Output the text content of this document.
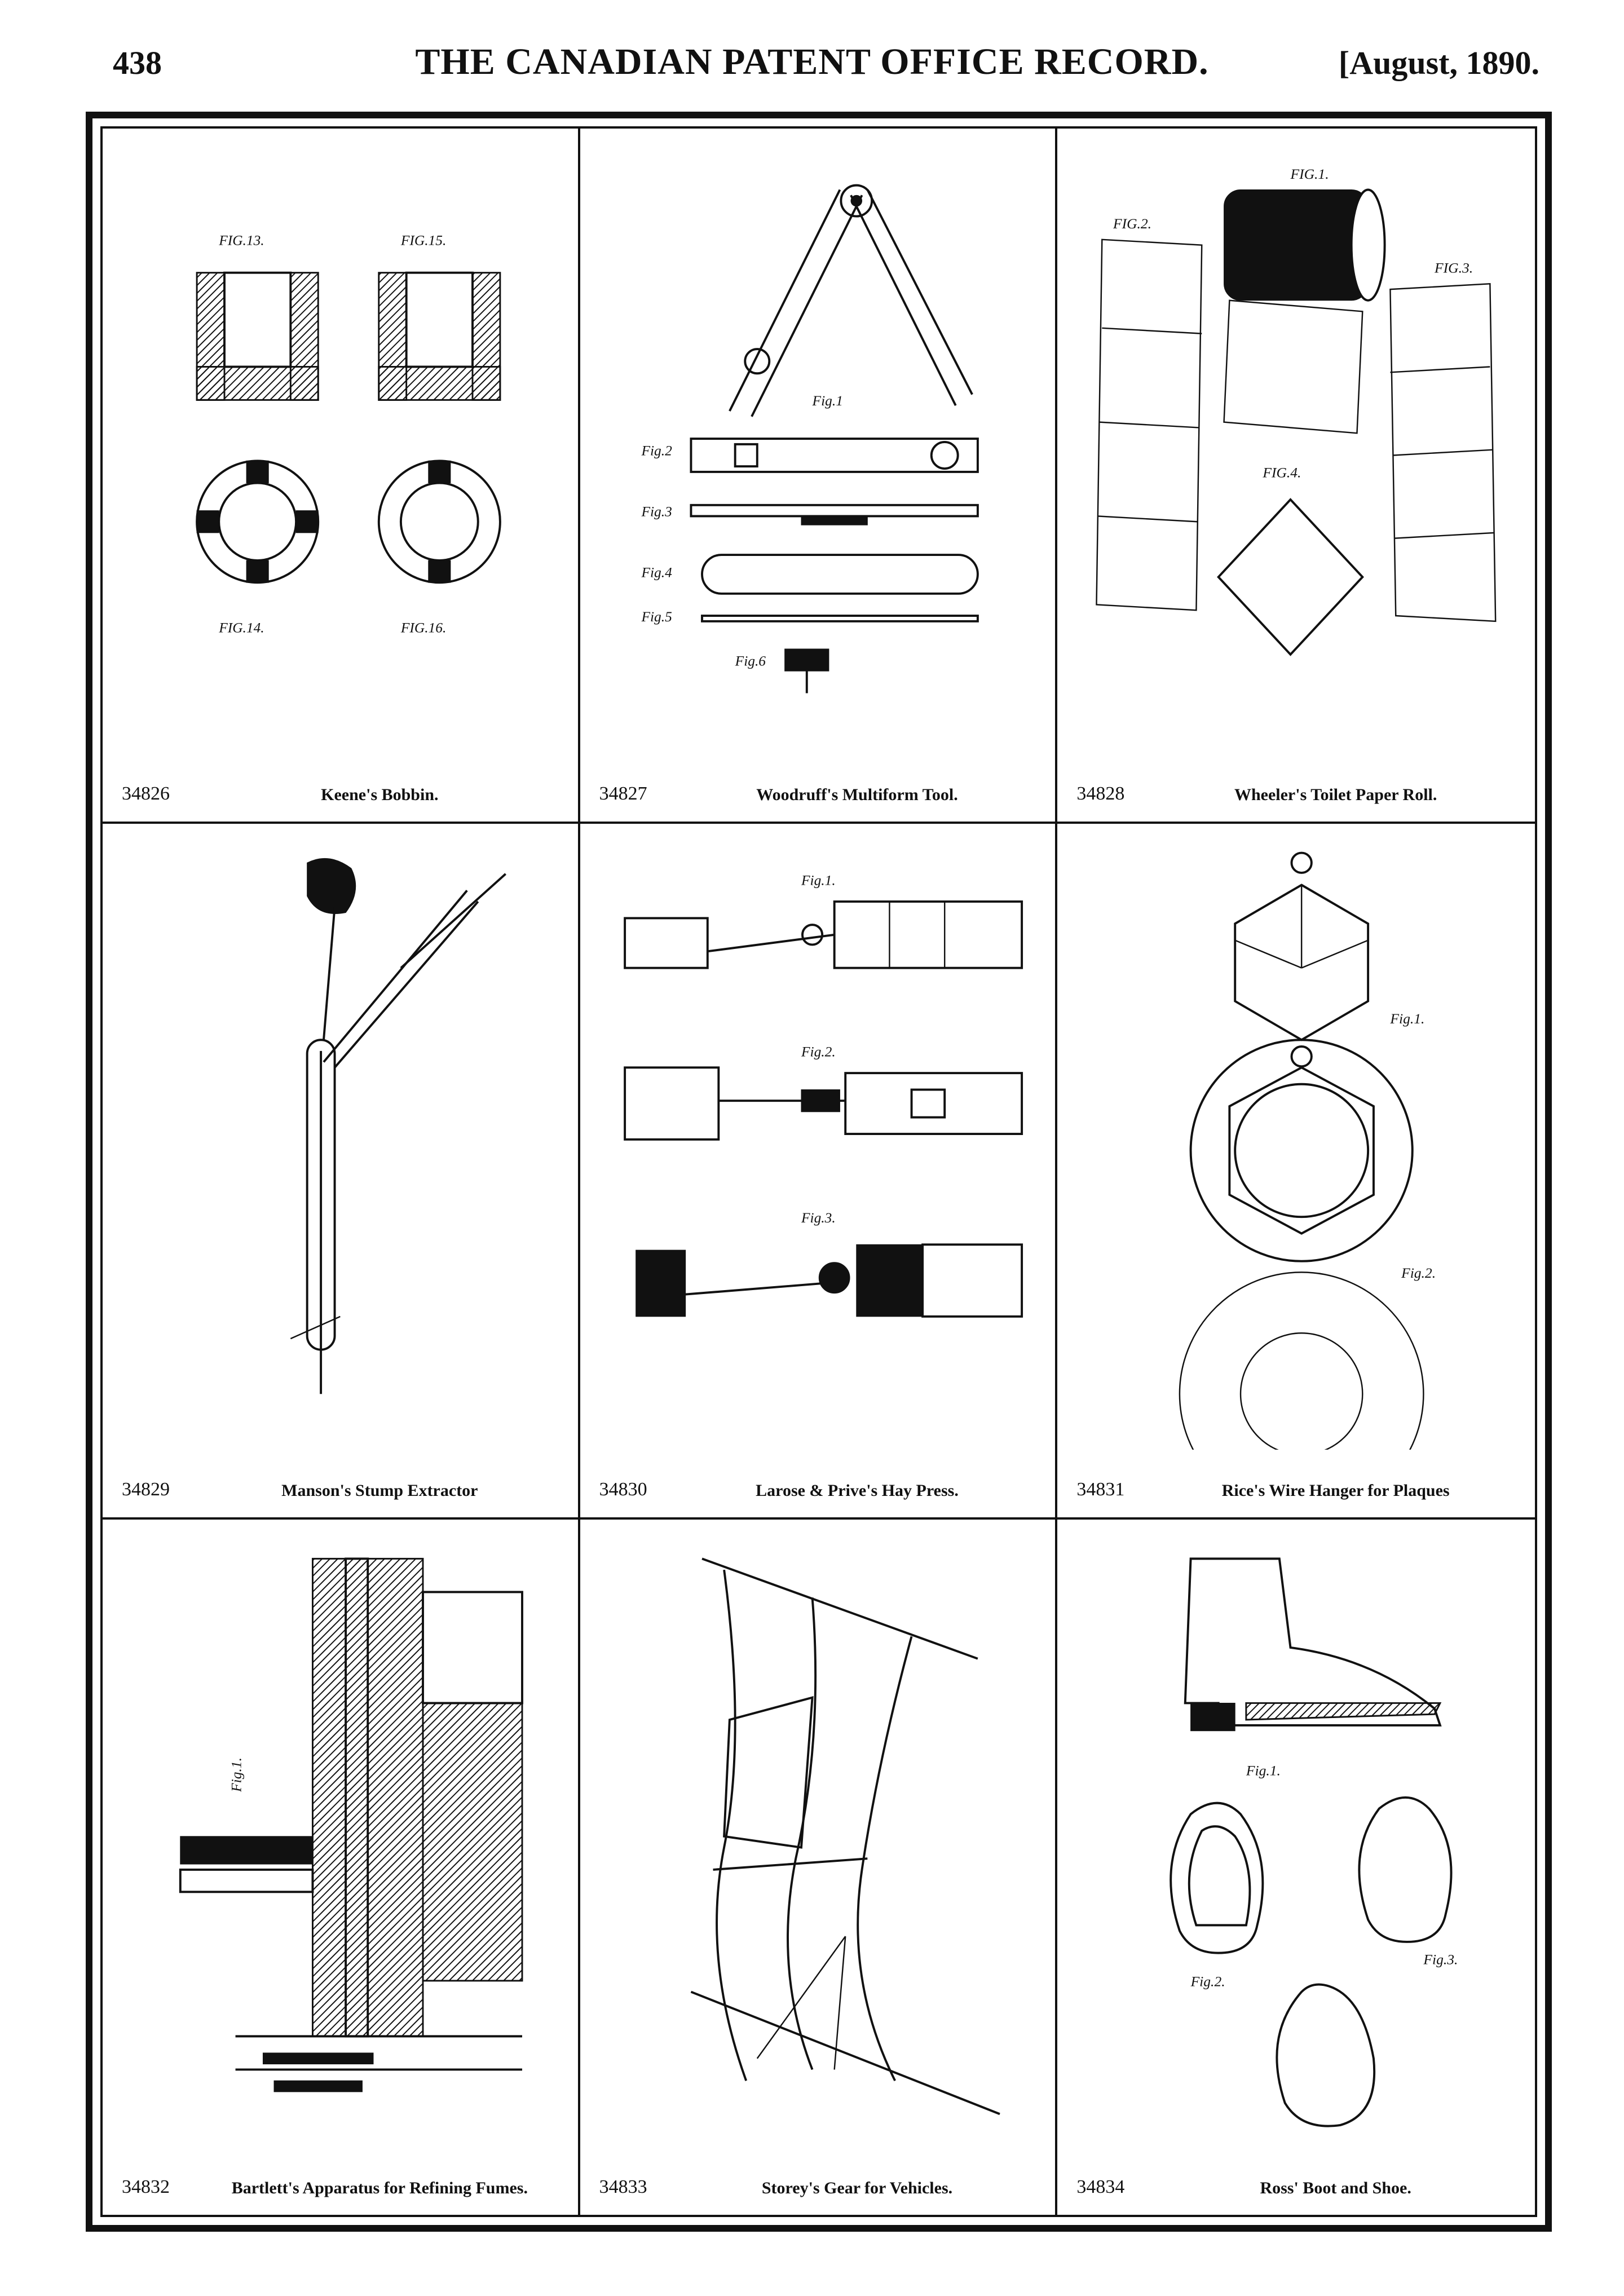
438	THE CANADIAN PATENT OFFICE RECORD.	[August, 1890.
FIG.13.	FIG.15.
FIG.14.	FIG.16.
34826	Keene's Bobbin.
Fig.1
Fig.2
Fig.3
Fig.4
Fig.5
Fig.6
34827	Woodruff's Multiform Tool.
FIG.1.
FIG.2.
FIG.3.
FIG.4.
34828	Wheeler's Toilet Paper Roll.
34829	Manson's Stump Extractor
Fig.1.
Fig.2.
Fig.3.
34830	Larose & Prive's Hay Press.
Fig.1.
Fig.2.
34831	Rice's Wire Hanger for Plaques
Fig.1.
34832	Bartlett's Apparatus for Refining Fumes.	34833	Storey's Gear for Vehicles.
Fig.1.
Fig.2.
Fig.3.
34834	Ross' Boot and Shoe.
